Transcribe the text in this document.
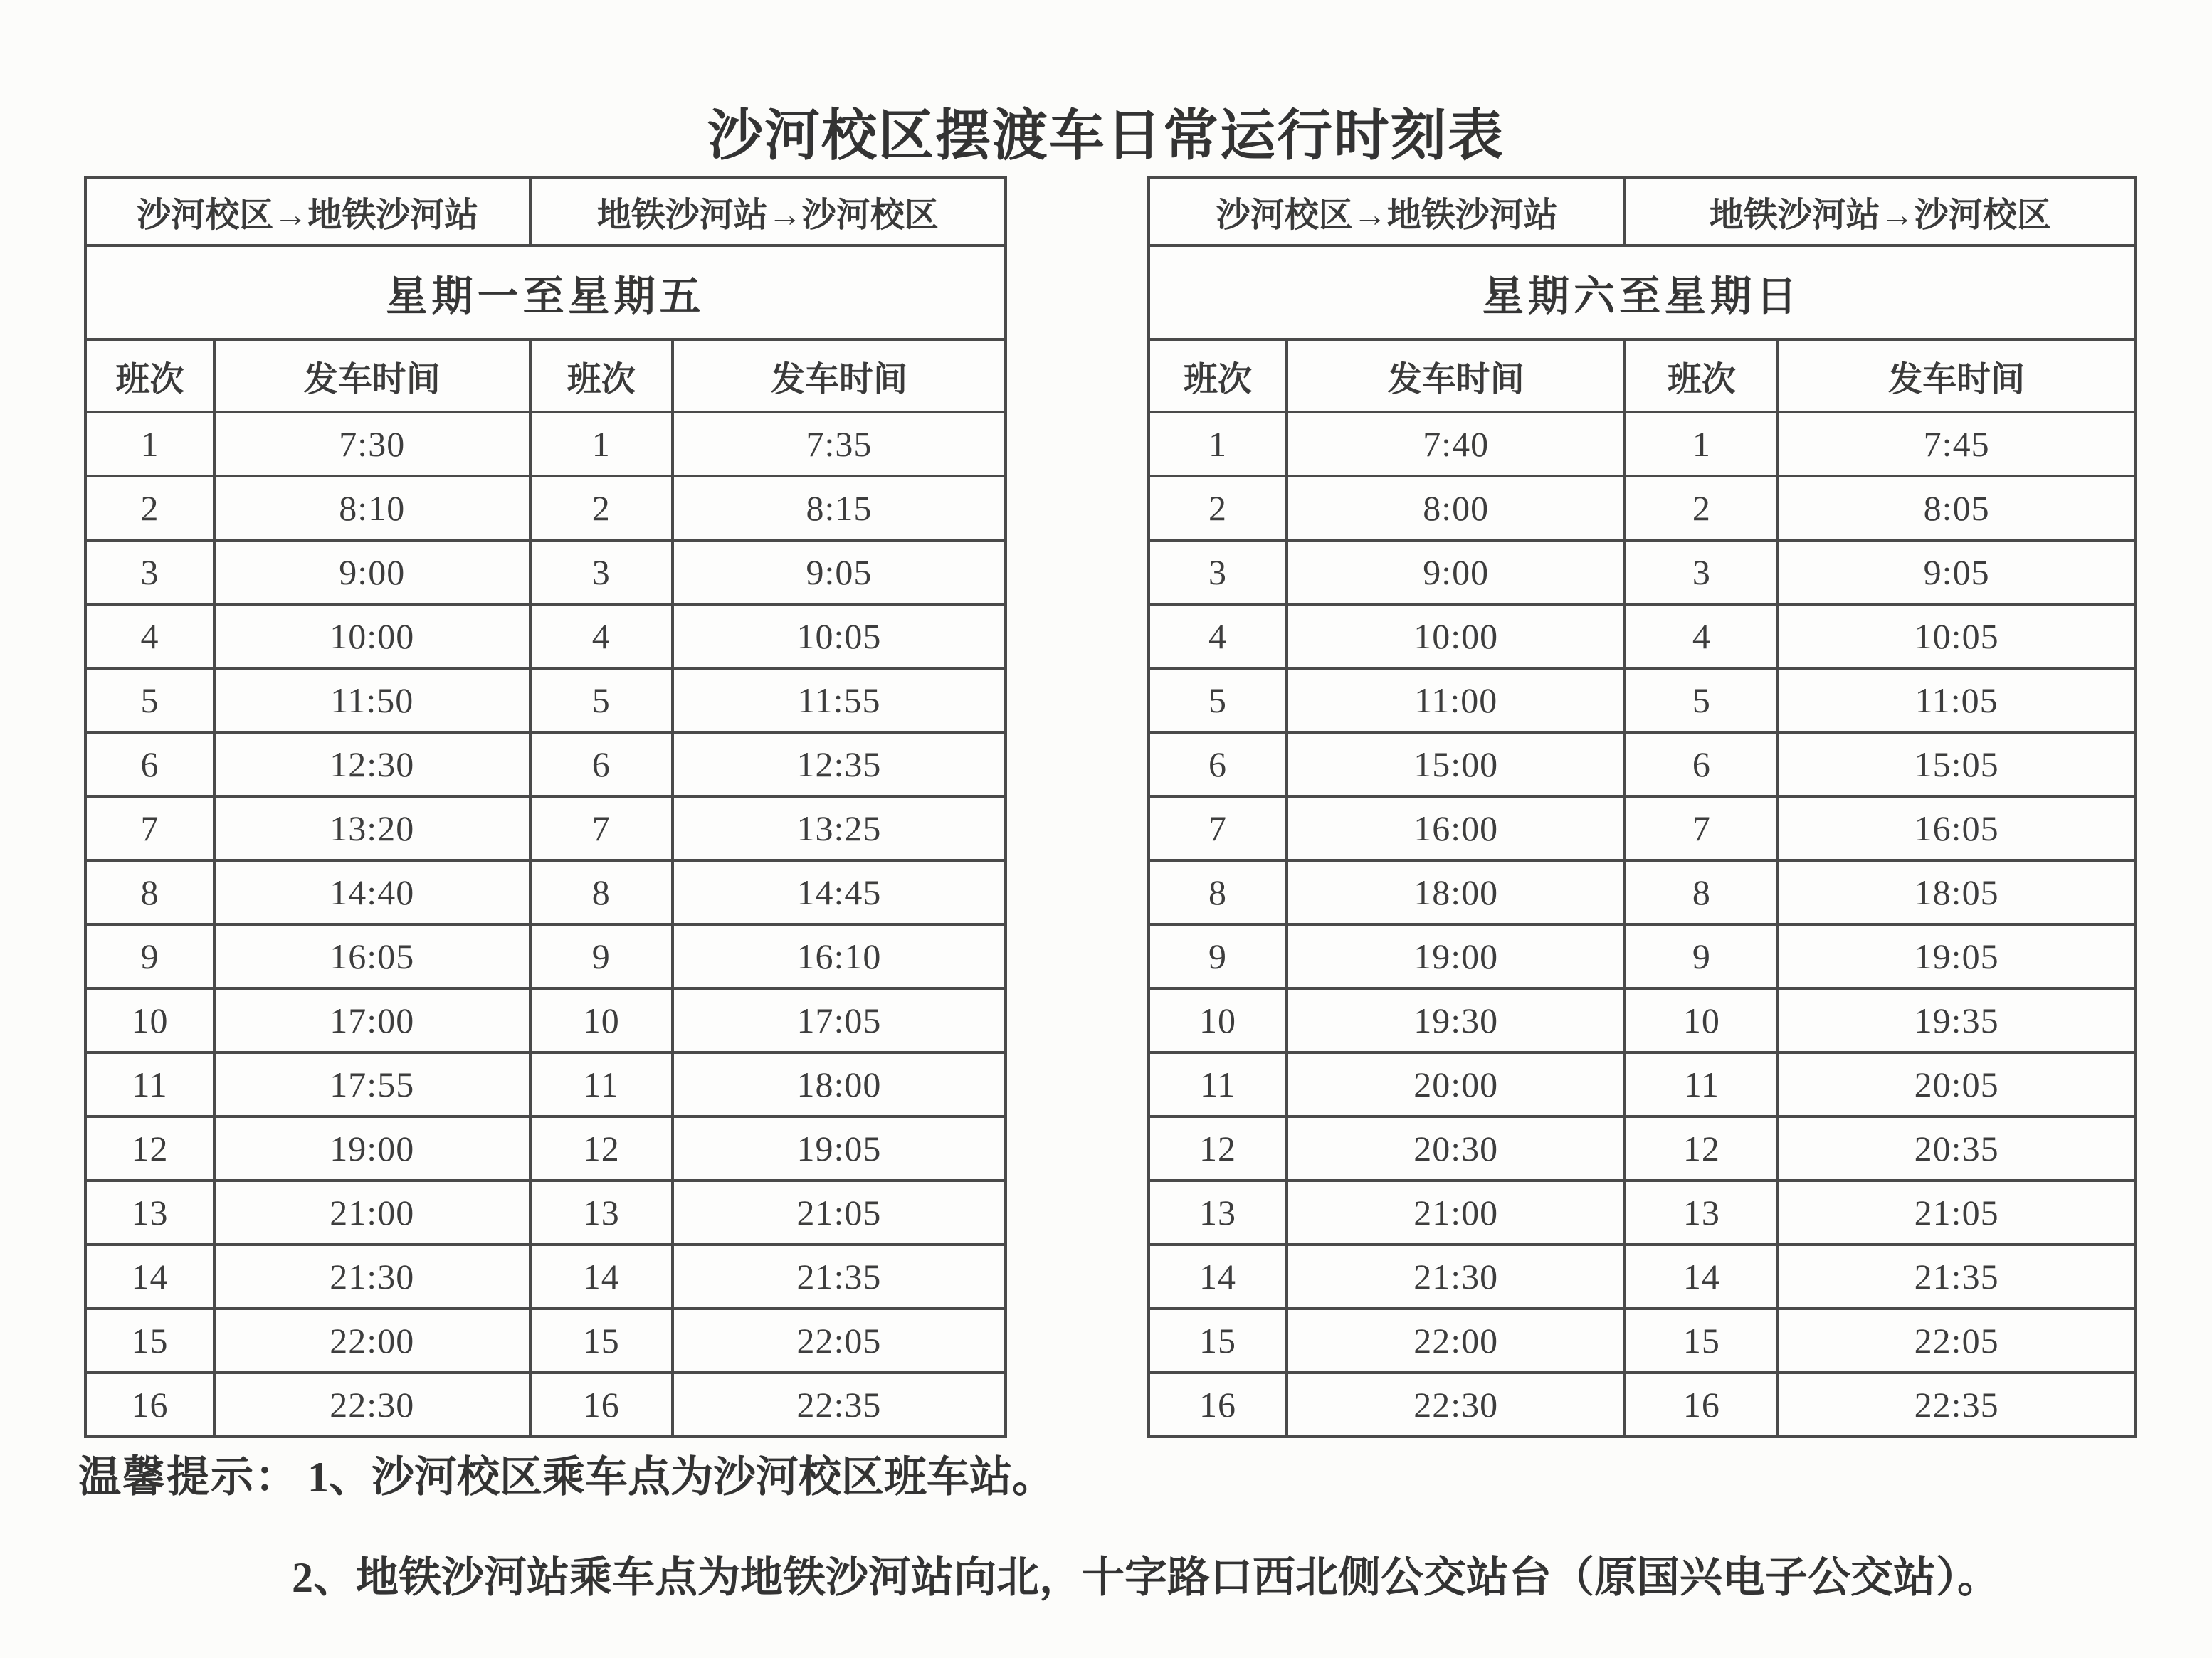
沙河校区摆渡车日常运行时刻表
沙河校区→地铁沙河站		地铁沙河站→沙河校区	
星期一至星期五			
班次	发车时间	班次	发车时间
1	7:30	1	7:35
2	8:10	2	8:15
3	9:00	3	9:05
4	10:00	4	10:05
5	11:50	5	11:55
6	12:30	6	12:35
7	13:20	7	13:25
8	14:40	8	14:45
9	16:05	9	16:10
10	17:00	10	17:05
11	17:55	11	18:00
12	19:00	12	19:05
13	21:00	13	21:05
14	21:30	14	21:35
15	22:00	15	22:05
16	22:30	16	22:35
沙河校区→地铁沙河站		地铁沙河站→沙河校区	
星期六至星期日			
班次	发车时间	班次	发车时间
1	7:40	1	7:45
2	8:00	2	8:05
3	9:00	3	9:05
4	10:00	4	10:05
5	11:00	5	11:05
6	15:00	6	15:05
7	16:00	7	16:05
8	18:00	8	18:05
9	19:00	9	19:05
10	19:30	10	19:35
11	20:00	11	20:05
12	20:30	12	20:35
13	21:00	13	21:05
14	21:30	14	21:35
15	22:00	15	22:05
16	22:30	16	22:35
温馨提示： 1、沙河校区乘车点为沙河校区班车站。
2、地铁沙河站乘车点为地铁沙河站向北，十字路口西北侧公交站台（原国兴电子公交站）。
